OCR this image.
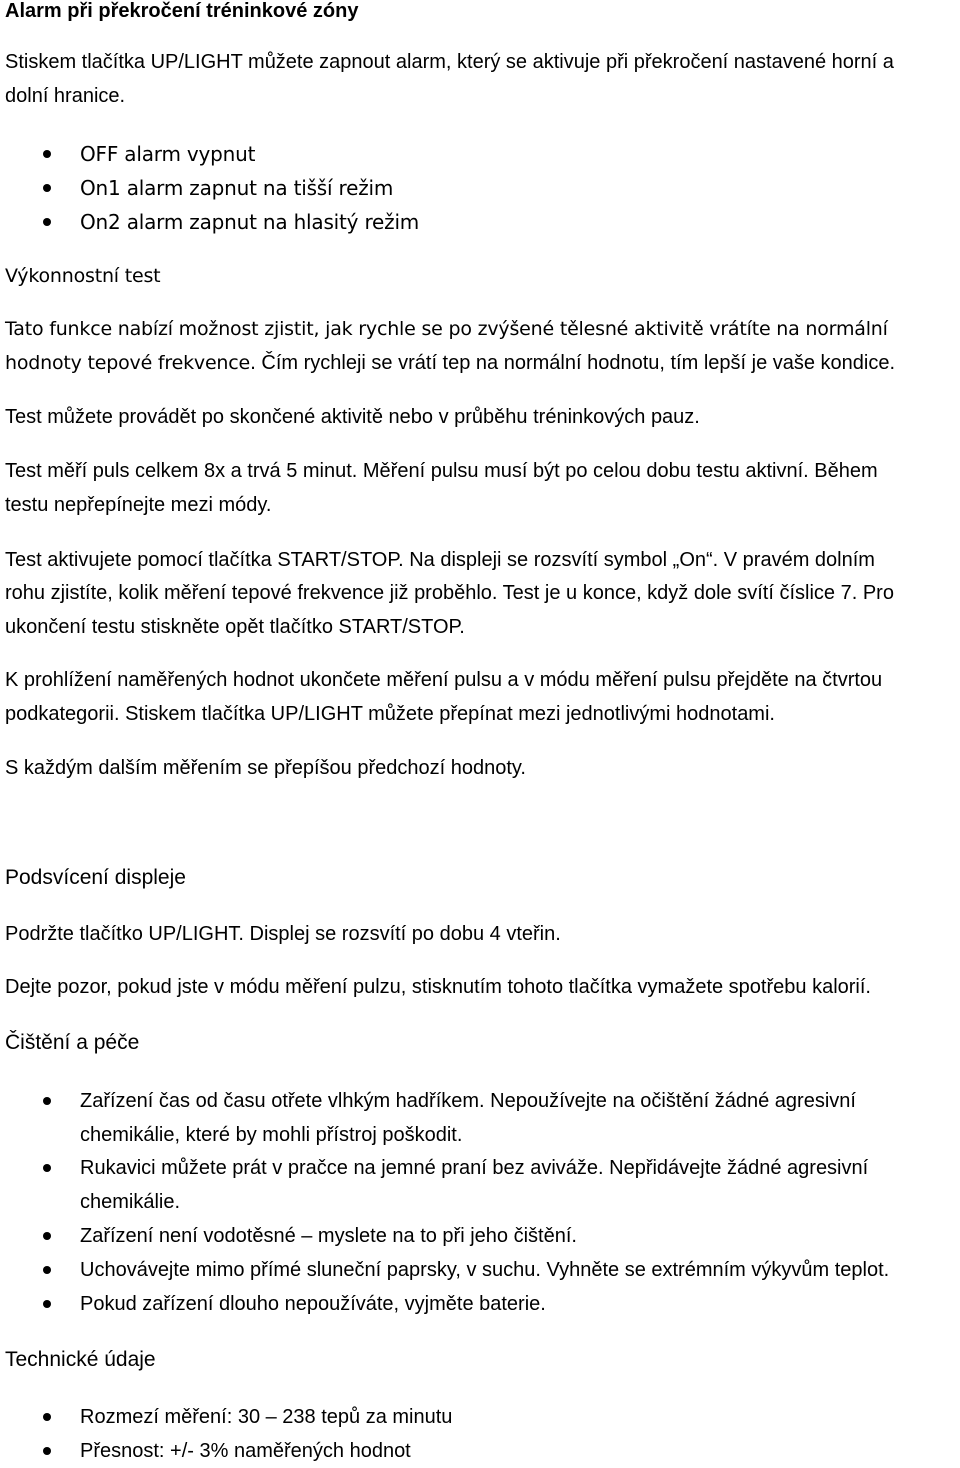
Alarm při překročení tréninkové zóny
Stiskem tlačítka UP/LIGHT můžete zapnout alarm, který se aktivuje při překročení nastavené horní a
dolní hranice.
OFF alarm vypnut
On1 alarm zapnut na tišší režim
On2 alarm zapnut na hlasitý režim
Výkonnostní test
Tato funkce nabízí možnost zjistit, jak rychle se po zvýšené tělesné aktivitě vrátíte na normální
hodnoty tepové frekvence. Čím rychleji se vrátí tep na normální hodnotu, tím lepší je vaše kondice.
Test můžete provádět po skončené aktivitě nebo v průběhu tréninkových pauz.
Test měří puls celkem 8x a trvá 5 minut. Měření pulsu musí být po celou dobu testu aktivní. Během
testu nepřepínejte mezi módy.
Test aktivujete pomocí tlačítka START/STOP. Na displeji se rozsvítí symbol „On“. V pravém dolním
rohu zjistíte, kolik měření tepové frekvence již proběhlo. Test je u konce, když dole svítí číslice 7. Pro
ukončení testu stiskněte opět tlačítko START/STOP.
K prohlížení naměřených hodnot ukončete měření pulsu a v módu měření pulsu přejděte na čtvrtou
podkategorii. Stiskem tlačítka UP/LIGHT můžete přepínat mezi jednotlivými hodnotami.
S každým dalším měřením se přepíšou předchozí hodnoty.
Podsvícení displeje
Podržte tlačítko UP/LIGHT. Displej se rozsvítí po dobu 4 vteřin.
Dejte pozor, pokud jste v módu měření pulzu, stisknutím tohoto tlačítka vymažete spotřebu kalorií.
Čištění a péče
Zařízení čas od času otřete vlhkým hadříkem. Nepoužívejte na očištění žádné agresivní
chemikálie, které by mohli přístroj poškodit.
Rukavici můžete prát v pračce na jemné praní bez aviváže. Nepřidávejte žádné agresivní
chemikálie.
Zařízení není vodotěsné – myslete na to při jeho čištění.
Uchovávejte mimo přímé sluneční paprsky, v suchu. Vyhněte se extrémním výkyvům teplot.
Pokud zařízení dlouho nepoužíváte, vyjměte baterie.
Technické údaje
Rozmezí měření: 30 – 238 tepů za minutu
Přesnost: +/- 3% naměřených hodnot
